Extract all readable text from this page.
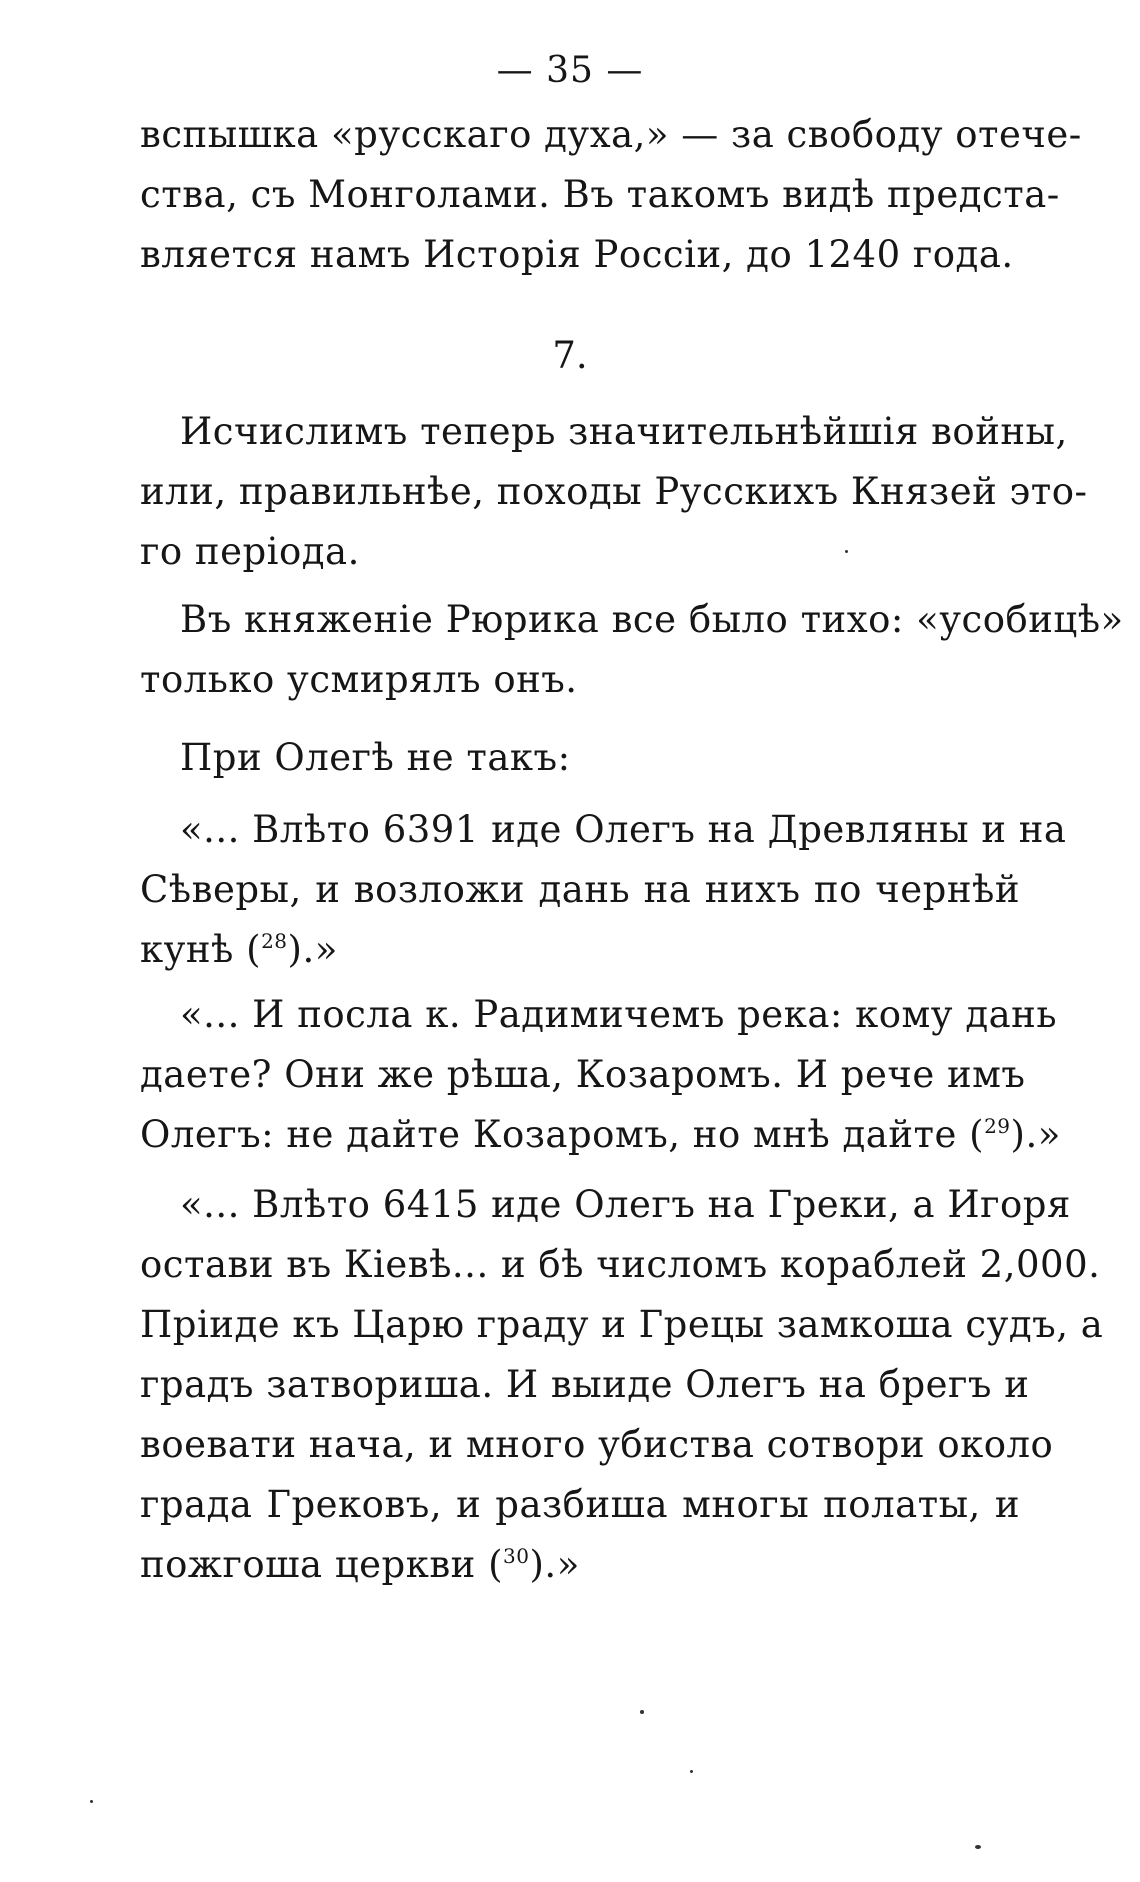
— 35 —

вспышка «русскаго духа,» — за свободу отече-
ства, съ Монголами. Въ такомъ видѣ предста-
вляется намъ Исторія Россіи, до 1240 года.

7.

Исчислимъ теперь значительнѣйшія войны,
или, правильнѣе, походы Русскихъ Князей это-
го періода.

Въ княженіе Рюрика все было тихо: «усобицѣ»
только усмирялъ онъ.

При Олегѣ не такъ:

«... Влѣто 6391 иде Олегъ на Древляны и на
Сѣверы, и возложи дань на нихъ по чернѣй
кунѣ ($^{28}$).»

«... И посла к. Радимичемъ река: кому дань
даете? Они же рѣша, Козаромъ. И рече имъ
Олегъ: не дайте Козаромъ, но мнѣ дайте ($^{29}$).»

«... Влѣто 6415 иде Олегъ на Греки, а Игоря
остави въ Кіевѣ... и бѣ числомъ кораблей 2,000.
Пріиде къ Царю граду и Грецы замкоша судъ, а
градъ затвориша. И выиде Олегъ на брегъ и
воевати нача, и много убиства сотвори около
града Грековъ, и разбиша многы полаты, и
пожгоша церкви ($^{30}$).»
